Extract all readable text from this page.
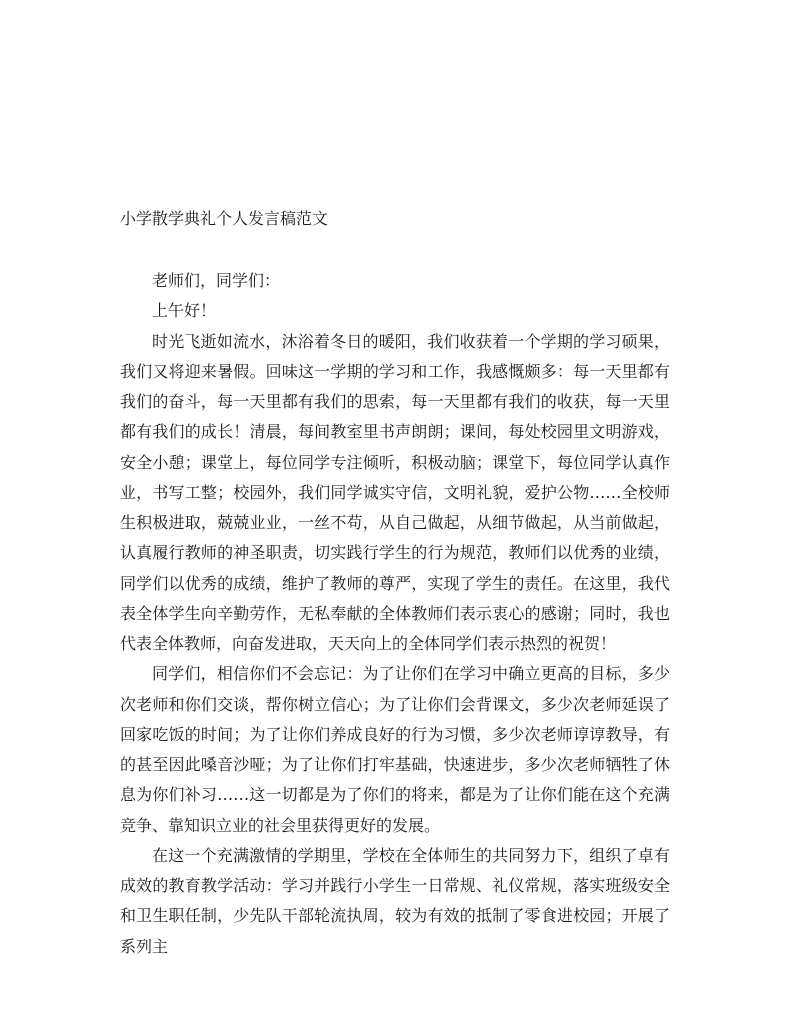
小学散学典礼个人发言稿范文

老师们，同学们：

上午好！

时光飞逝如流水，沐浴着冬日的暖阳，我们收获着一个学期的学习硕果，我们又将迎来暑假。回味这一学期的学习和工作，我感慨颇多：每一天里都有我们的奋斗，每一天里都有我们的思索，每一天里都有我们的收获，每一天里都有我们的成长！清晨，每间教室里书声朗朗；课间，每处校园里文明游戏，安全小憩；课堂上，每位同学专注倾听，积极动脑；课堂下，每位同学认真作业，书写工整；校园外，我们同学诚实守信，文明礼貌，爱护公物……全校师生积极进取，兢兢业业，一丝不苟，从自己做起，从细节做起，从当前做起，认真履行教师的神圣职责，切实践行学生的行为规范，教师们以优秀的业绩，同学们以优秀的成绩，维护了教师的尊严，实现了学生的责任。在这里，我代表全体学生向辛勤劳作，无私奉献的全体教师们表示衷心的感谢；同时，我也代表全体教师，向奋发进取，天天向上的全体同学们表示热烈的祝贺！

同学们，相信你们不会忘记：为了让你们在学习中确立更高的目标，多少次老师和你们交谈，帮你树立信心；为了让你们会背课文，多少次老师延误了回家吃饭的时间；为了让你们养成良好的行为习惯，多少次老师谆谆教导，有的甚至因此嗓音沙哑；为了让你们打牢基础，快速进步，多少次老师牺牲了休息为你们补习……这一切都是为了你们的将来，都是为了让你们能在这个充满竞争、靠知识立业的社会里获得更好的发展。

在这一个充满激情的学期里，学校在全体师生的共同努力下，组织了卓有成效的教育教学活动：学习并践行小学生一日常规、礼仪常规，落实班级安全和卫生职任制，少先队干部轮流执周，较为有效的抵制了零食进校园；开展了系列主
